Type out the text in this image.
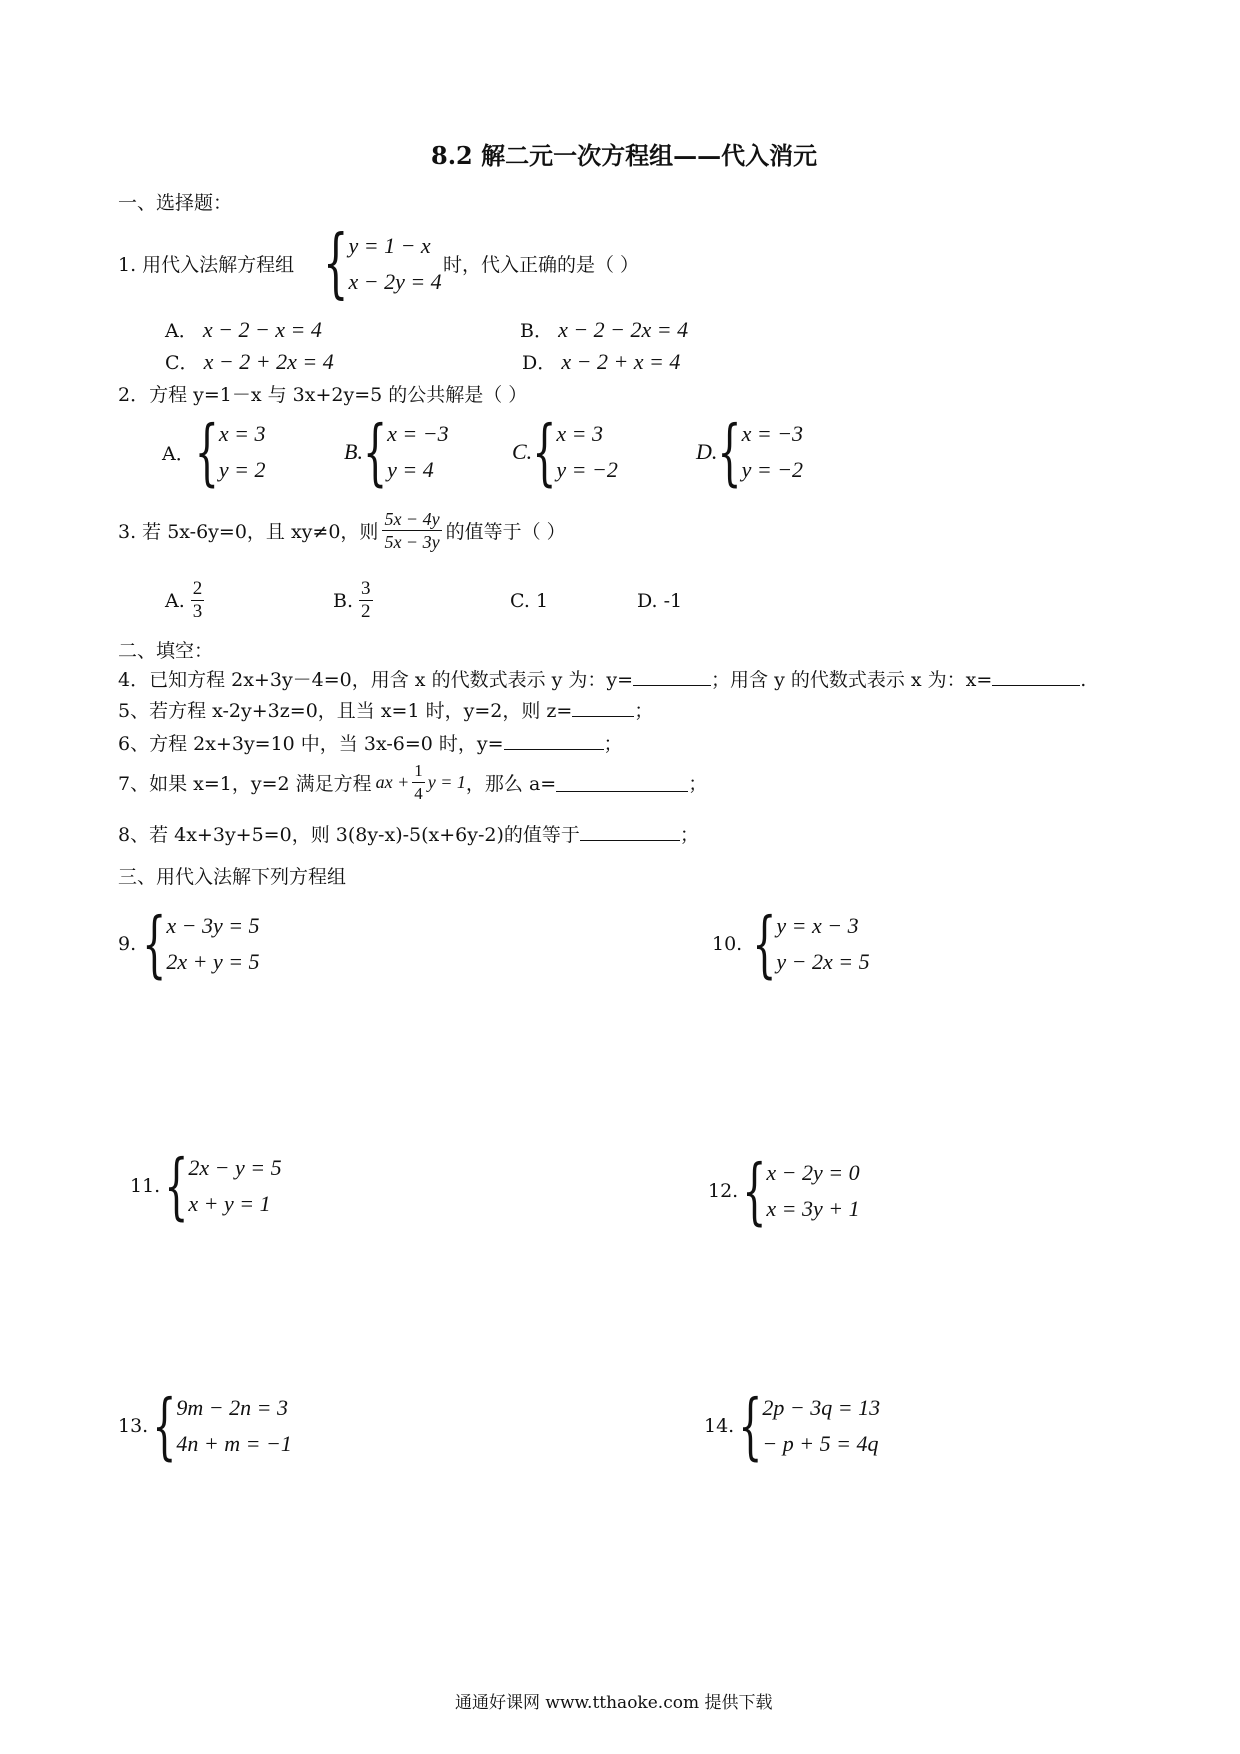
8.2 解二元一次方程组——代入消元
一、选择题：
1. 用代入法解方程组 { y = 1 − x
x − 2y = 4
时，代入正确的是（ ）
A． x − 2 − x = 4	B． x − 2 − 2x = 4
C． x − 2 + 2x = 4	D． x − 2 + x = 4
2．方程 y=1－x 与 3x+2y=5 的公共解是（ ）
A． { x = 3
y = 2
B. { x = −3
y = 4
C. { x = 3
y = −2
D. { x = −3
y = −2
3. 若 5x-6y=0，且 xy≠0，则 $\frac{5x - 4y}{5x - 3y}$ 的值等于（ ）
A. $\frac{2}{3}$	B. $\frac{3}{2}$	C. 1	D. -1
二、填空：
4．已知方程 2x+3y－4=0，用含 x 的代数式表示 y 为：y=	；用含 y 的代数式表示 x 为：x=	.
5、若方程 x-2y+3z=0，且当 x=1 时，y=2，则 z=	；
6、方程 2x+3y=10 中，当 3x-6=0 时，y=	；
7、如果 x=1，y=2 满足方程 ax + $\frac{1}{4}$ y = 1 ，那么 a=	；
8、若 4x+3y+5=0，则 3(8y-x)-5(x+6y-2)的值等于	；
三、用代入法解下列方程组
9. { x − 3y = 5
2x + y = 5
10. { y = x − 3
y − 2x = 5
11. { 2x − y = 5
x + y = 1	12. { x − 2y = 0
x = 3y + 1
13. { 9m − 2n = 3
4n + m = −1
14. { 2p − 3q = 13
− p + 5 = 4q
通通好课网 www.tthaoke.com 提供下载
